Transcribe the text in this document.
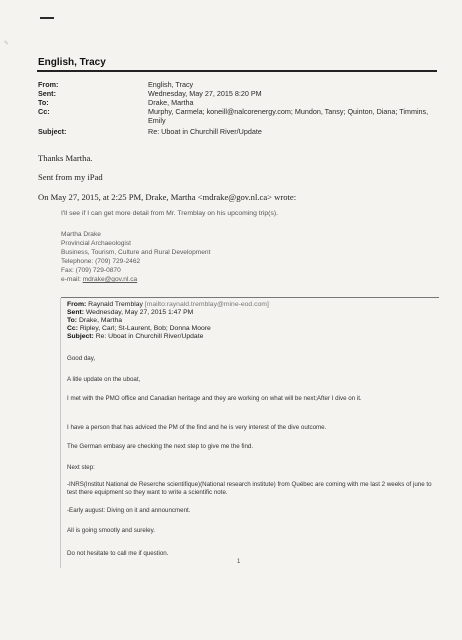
✎
English, Tracy
From:	English, Tracy
Sent:	Wednesday, May 27, 2015 8:20 PM
To:	Drake, Martha
Cc:	Murphy, Carmela; koneill@nalcorenergy.com; Mundon, Tansy; Quinton, Diana; Timmins, Emily
Subject:	Re: Uboat in Churchill River/Update
Thanks Martha.
Sent from my iPad
On May 27, 2015, at 2:25 PM, Drake, Martha <mdrake@gov.nl.ca> wrote:
I'll see if I can get more detail from Mr. Tremblay on his upcoming trip(s).
Martha Drake
Provincial Archaeologist
Business, Tourism, Culture and Rural Development
Telephone: (709) 729-2462
Fax: (709) 729-0870
e-mail: mdrake@gov.nl.ca
From: Raynald Tremblay [mailto:raynald.tremblay@mine-eod.com]
Sent: Wednesday, May 27, 2015 1:47 PM
To: Drake, Martha
Cc: Ripley, Carl; St-Laurent, Bob; Donna Moore
Subject: Re: Uboat in Churchill River/Update
Good day,
A litle update on the uboat,
I met with the PMO office and Canadian heritage and they are working on what will be next;After I dive on it.
I have a person that has adviced the PM of the find and he is very interest of the dive outcome.
The German embasy are checking the next step to give me the find.
Next step:
-INRS(Institut National de Reserche scientifique)(National research institute) from Québec are coming with me last 2 weeks of june to test there equipment so they want to write a scientific note.
-Early august: Diving on it and announcment.
All is going smootly and sureley.
Do not hesitate to call me if question.
1
